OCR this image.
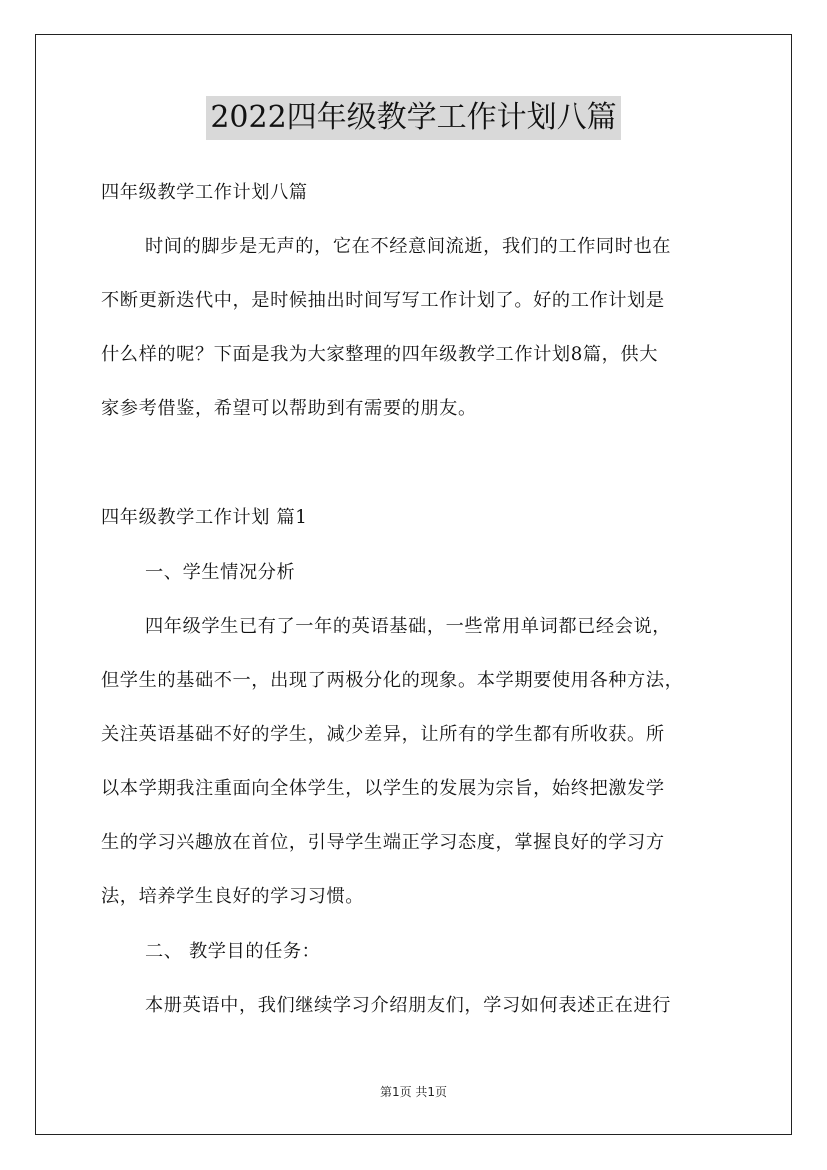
2022四年级教学工作计划八篇
四年级教学工作计划八篇
时间的脚步是无声的，它在不经意间流逝，我们的工作同时也在
不断更新迭代中，是时候抽出时间写写工作计划了。好的工作计划是
什么样的呢？下面是我为大家整理的四年级教学工作计划8篇，供大
家参考借鉴，希望可以帮助到有需要的朋友。
四年级教学工作计划 篇1
一、学生情况分析
四年级学生已有了一年的英语基础，一些常用单词都已经会说，
但学生的基础不一，出现了两极分化的现象。本学期要使用各种方法，
关注英语基础不好的学生，减少差异，让所有的学生都有所收获。所
以本学期我注重面向全体学生，以学生的发展为宗旨，始终把激发学
生的学习兴趣放在首位，引导学生端正学习态度，掌握良好的学习方
法，培养学生良好的学习习惯。
二、 教学目的任务：
本册英语中，我们继续学习介绍朋友们，学习如何表述正在进行
第1页 共1页
